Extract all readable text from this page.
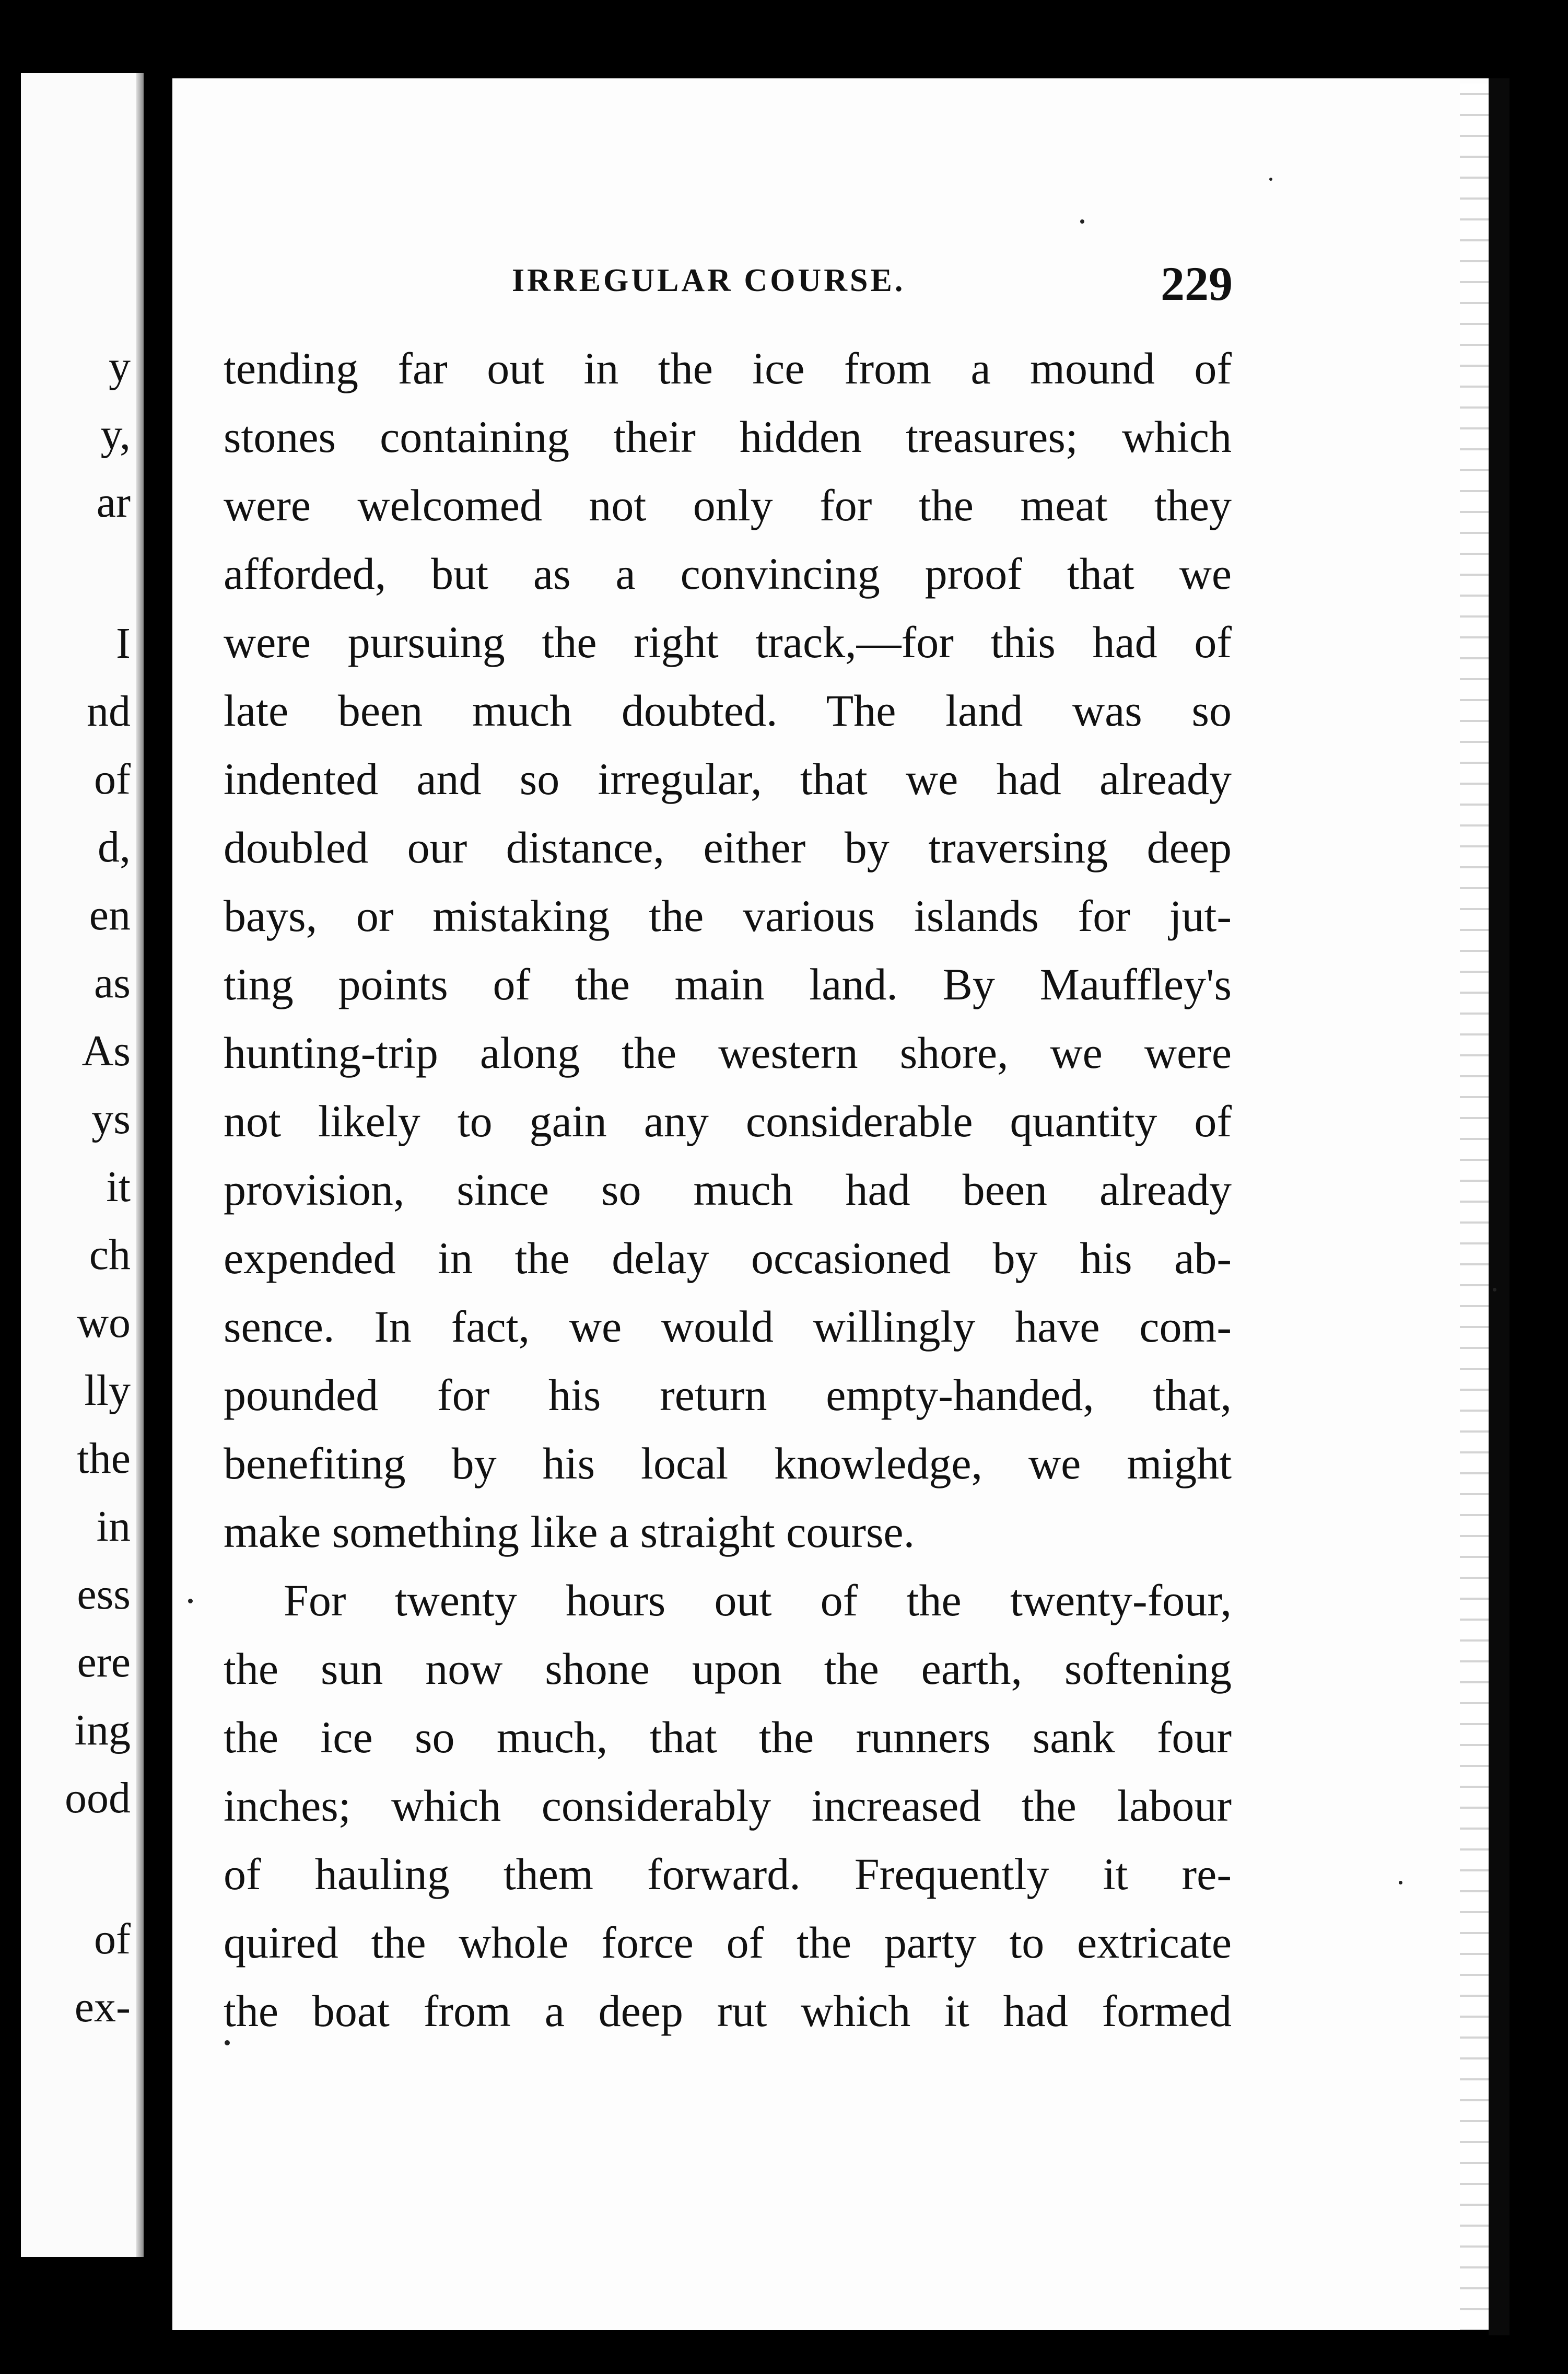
y
y,
ar
I
nd
of
d,
en
as
As
ys
it
ch
wo
lly
the
in
ess
ere
ing
ood
of
ex-
IRREGULAR COURSE.	229
tending far out in the ice from a mound of
stones containing their hidden treasures; which
were welcomed not only for the meat they
afforded, but as a convincing proof that we
were pursuing the right track,—for this had of
late been much doubted. The land was so
indented and so irregular, that we had already
doubled our distance, either by traversing deep
bays, or mistaking the various islands for jut-
ting points of the main land. By Mauffley's
hunting-trip along the western shore, we were
not likely to gain any considerable quantity of
provision, since so much had been already
expended in the delay occasioned by his ab-
sence. In fact, we would willingly have com-
pounded for his return empty-handed, that,
benefiting by his local knowledge, we might
make something like a straight course.
For twenty hours out of the twenty-four,
the sun now shone upon the earth, softening
the ice so much, that the runners sank four
inches; which considerably increased the labour
of hauling them forward. Frequently it re-
quired the whole force of the party to extricate
the boat from a deep rut which it had formed
